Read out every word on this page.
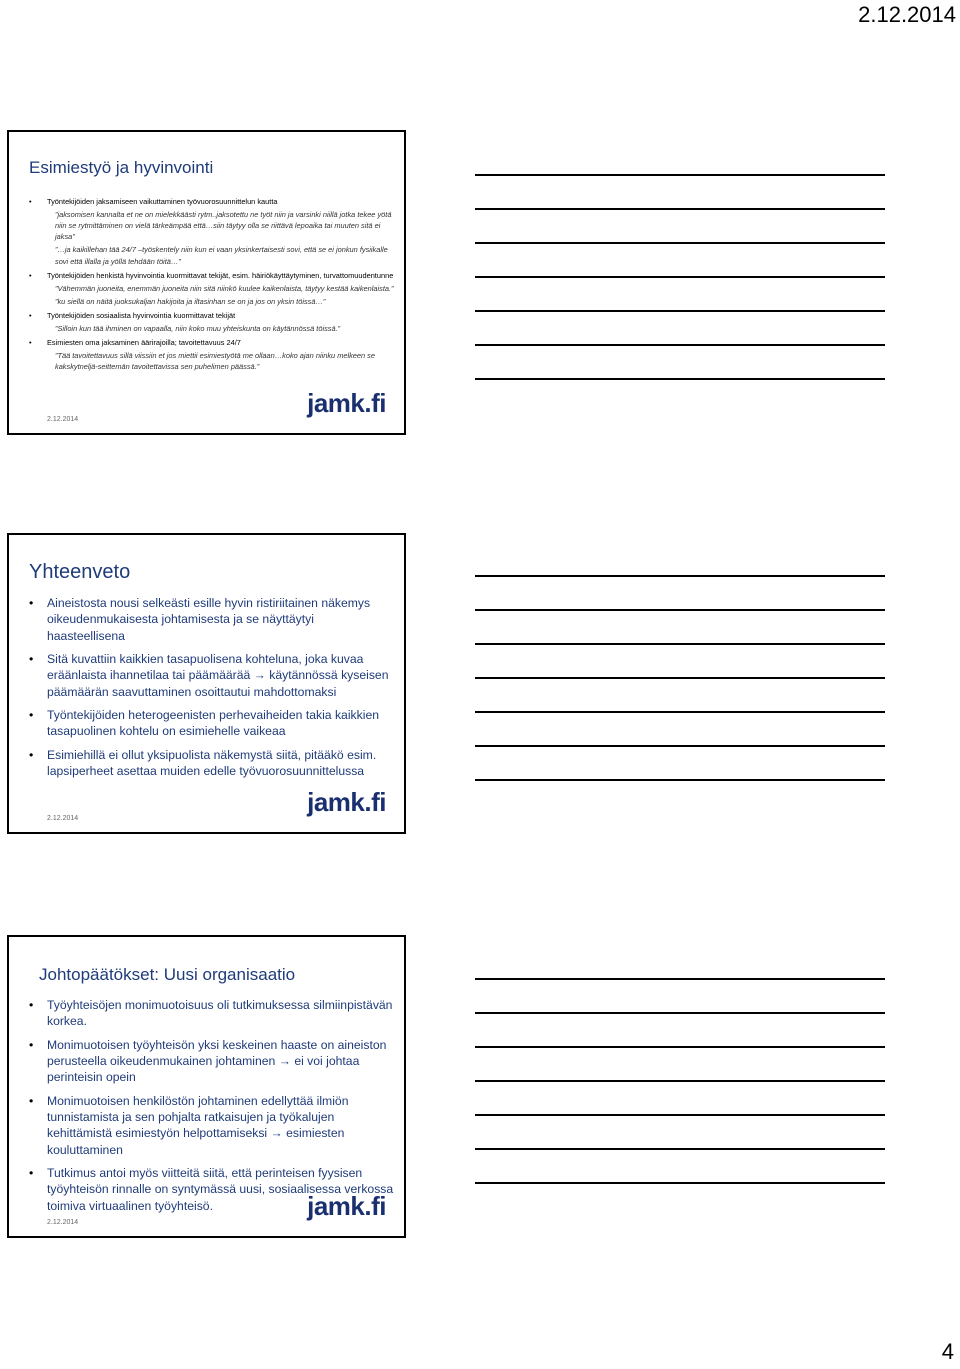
2.12.2014
Esimiestyö ja hyvinvointi
• Työntekijöiden jaksamiseen vaikuttaminen työvuorosuunnittelun kautta
”jaksomisen kannalta et ne on mielekkäästi rytm..jaksotettu ne työt niin ja varsinki niillä jotka tekee yötä niin se rytmittäminen on vielä tärkeämpää että…siin täytyy olla se riittävä lepoaika tai muuten sitä ei jaksa”
”…ja kaikillehan tää 24/7 –työskentely niin kun ei vaan yksinkertaisesti sovi, että se ei jonkun fysiikalle sovi että illalla ja yöllä tehdään töitä…”
• Työntekijöiden henkistä hyvinvointia kuormittavat tekijät, esim. häiriökäyttäytyminen, turvattomuudentunne
”Vähemmän juoneita, enemmän juoneita niin sitä niinkö kuulee kaikenlaista, täytyy kestää kaikenlaista.”
”ku siellä on näitä juoksukaljan hakijoita ja iltasinhan se on ja jos on yksin töissä…”
• Työntekijöiden sosiaalista hyvinvointia kuormittavat tekijät
”Silloin kun tää ihminen on vapaalla, niin koko muu yhteiskunta on käytännössä töissä.”
• Esimiesten oma jaksaminen äärirajoilla; tavoitettavuus 24/7
”Tää tavoitettavuus sillä viissiin et jos miettii esimiestyötä me ollaan…koko ajan niinku melkeen se kakskytneljä-seittemän tavoitettavissa sen puhelimen päässä.”
2.12.2014
jamk.fi
Yhteenveto
• Aineistosta nousi selkeästi esille hyvin ristiriitainen näkemys oikeudenmukaisesta johtamisesta ja se näyttäytyi haasteellisena
• Sitä kuvattiin kaikkien tasapuolisena kohteluna, joka kuvaa eräänlaista ihannetilaa tai päämäärää → käytännössä kyseisen päämäärän saavuttaminen osoittautui mahdottomaksi
• Työntekijöiden heterogeenisten perhevaiheiden takia kaikkien tasapuolinen kohtelu on esimiehelle vaikeaa
• Esimiehillä ei ollut yksipuolista näkemystä siitä, pitääkö esim. lapsiperheet asettaa muiden edelle työvuorosuunnittelussa
2.12.2014
jamk.fi
Johtopäätökset: Uusi organisaatio
• Työyhteisöjen monimuotoisuus oli tutkimuksessa silmiinpistävän korkea.
• Monimuotoisen työyhteisön yksi keskeinen haaste on aineiston perusteella oikeudenmukainen johtaminen → ei voi johtaa perinteisin opein
• Monimuotoisen henkilöstön johtaminen edellyttää ilmiön tunnistamista ja sen pohjalta ratkaisujen ja työkalujen kehittämistä esimiestyön helpottamiseksi → esimiesten kouluttaminen
• Tutkimus antoi myös viitteitä siitä, että perinteisen fyysisen työyhteisön rinnalle on syntymässä uusi, sosiaalisessa verkossa toimiva virtuaalinen työyhteisö.
2.12.2014
jamk.fi
4
